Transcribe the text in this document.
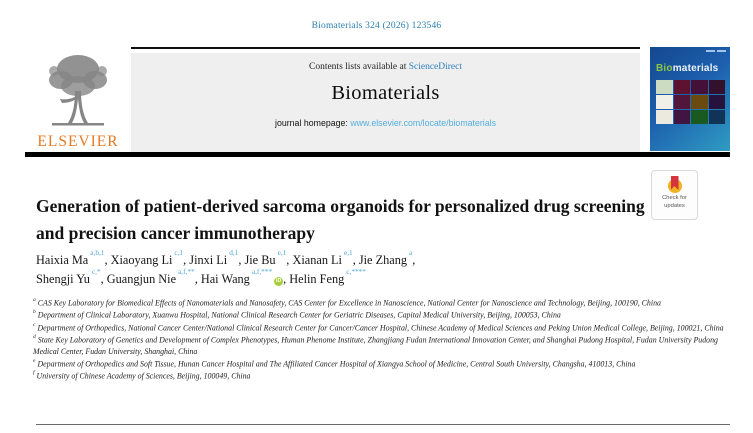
Biomaterials 324 (2026) 123546
ELSEVIER
Contents lists available at ScienceDirect
Biomaterials
journal homepage: www.elsevier.com/locate/biomaterials
Biomaterials
Check for
updates
Generation of patient-derived sarcoma organoids for personalized drug screening and precision cancer immunotherapy
Haixia Ma$^{a,b,1}$, Xiaoyang Li$^{c,1}$, Jinxi Li$^{d,1}$, Jie Bu$^{e,1}$, Xianan Li$^{e,1}$, Jie Zhang$^a$,
Shengji $Yu^{c,*}$, Guangjun Nie$^{a,f,**}$, Hai Wang$^{a,f,***}$iD , Helin Feng$^{c,****}$
$^a$ CAS Key Laboratory for Biomedical Effects of Nanomaterials and Nanosafety, CAS Center for Excellence in Nanoscience, National Center for Nanoscience and Technology, Beijing, 100190, China
$^b$ Department of Clinical Laboratory, Xuanwu Hospital, National Clinical Research Center for Geriatric Diseases, Capital Medical University, Beijing, 100053, China
$^c$ Department of Orthopedics, National Cancer Center/National Clinical Research Center for Cancer/Cancer Hospital, Chinese Academy of Medical Sciences and Peking Union Medical College, Beijing, 100021, China
$^d$ State Key Laboratory of Genetics and Development of Complex Phenotypes, Human Phenome Institute, Zhangjiang Fudan International Innovation Center, and Shanghai Pudong Hospital, Fudan University Pudong Medical Center, Fudan University, Shanghai, China
$^e$ Department of Orthopedics and Soft Tissue, Hunan Cancer Hospital and The Affiliated Cancer Hospital of Xiangya School of Medicine, Central South University, Changsha, 410013, China
$^f$ University of Chinese Academy of Sciences, Beijing, 100049, China
